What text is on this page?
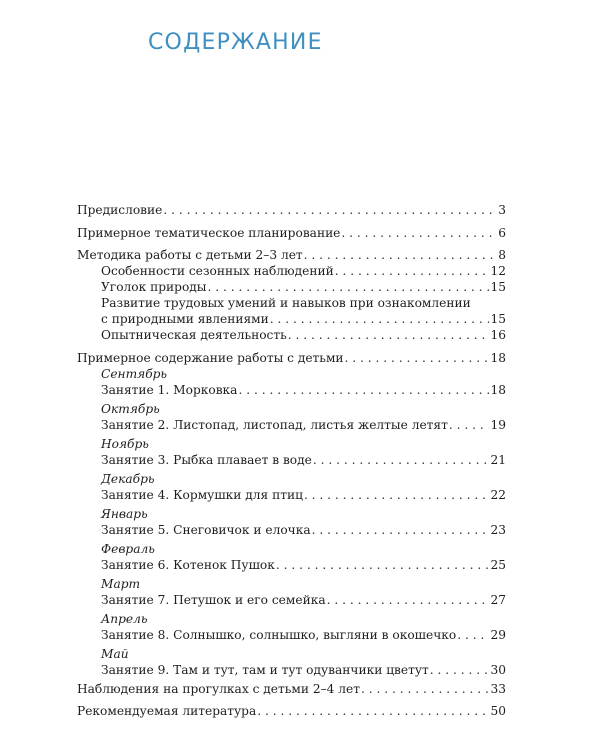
СОДЕРЖАНИЕ
Предисловие . . .	3
Примерное тематическое планирование . . .	6
Методика работы с детьми 2–3 лет . . .	8
Особенности сезонных наблюдений . . .	12
Уголок природы . . .	15
Развитие трудовых умений и навыков при ознакомлении
с природными явлениями . . .	15
Опытническая деятельность . . .	16
Примерное содержание работы с детьми . . .	18
Сентябрь
Занятие 1. Морковка . . .	18
Октябрь
Занятие 2. Листопад, листопад, листья желтые летят . . .	19
Ноябрь
Занятие 3. Рыбка плавает в воде . . .	21
Декабрь
Занятие 4. Кормушки для птиц . . .	22
Январь
Занятие 5. Снеговичок и елочка . . .	23
Февраль
Занятие 6. Котенок Пушок . . .	25
Март
Занятие 7. Петушок и его семейка . . .	27
Апрель
Занятие 8. Солнышко, солнышко, выгляни в окошечко . . .	29
Май
Занятие 9. Там и тут, там и тут одуванчики цветут . . .	30
Наблюдения на прогулках с детьми 2–4 лет . . .	33
Рекомендуемая литература . . .	50
